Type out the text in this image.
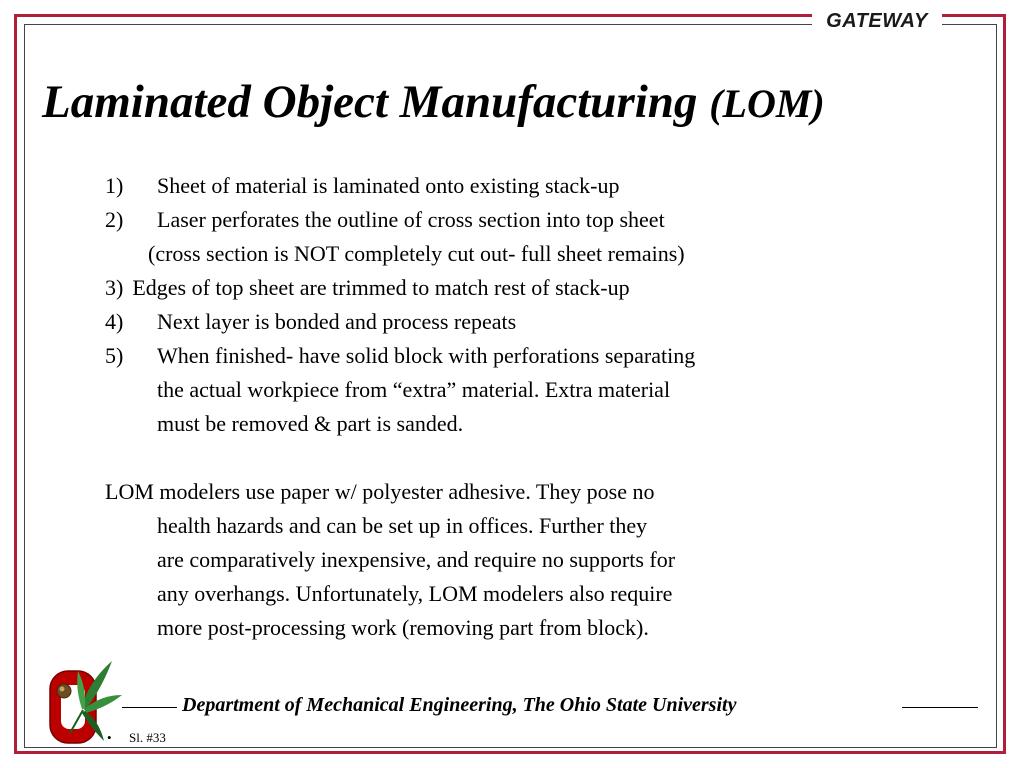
GATEWAY
Laminated Object Manufacturing (LOM)
1) Sheet of material is laminated onto existing stack-up
2) Laser perforates the outline of cross section into top sheet
(cross section is NOT completely cut out- full sheet remains)
3) Edges of top sheet are trimmed to match rest of stack-up
4) Next layer is bonded and process repeats
5) When finished- have solid block with perforations separating
the actual workpiece from “extra” material. Extra material
must be removed & part is sanded.
LOM modelers use paper w/ polyester adhesive. They pose no
health hazards and can be set up in offices. Further they
are comparatively inexpensive, and require no supports for
any overhangs. Unfortunately, LOM modelers also require
more post-processing work (removing part from block).
Department of Mechanical Engineering, The Ohio State University
• Sl. #33
